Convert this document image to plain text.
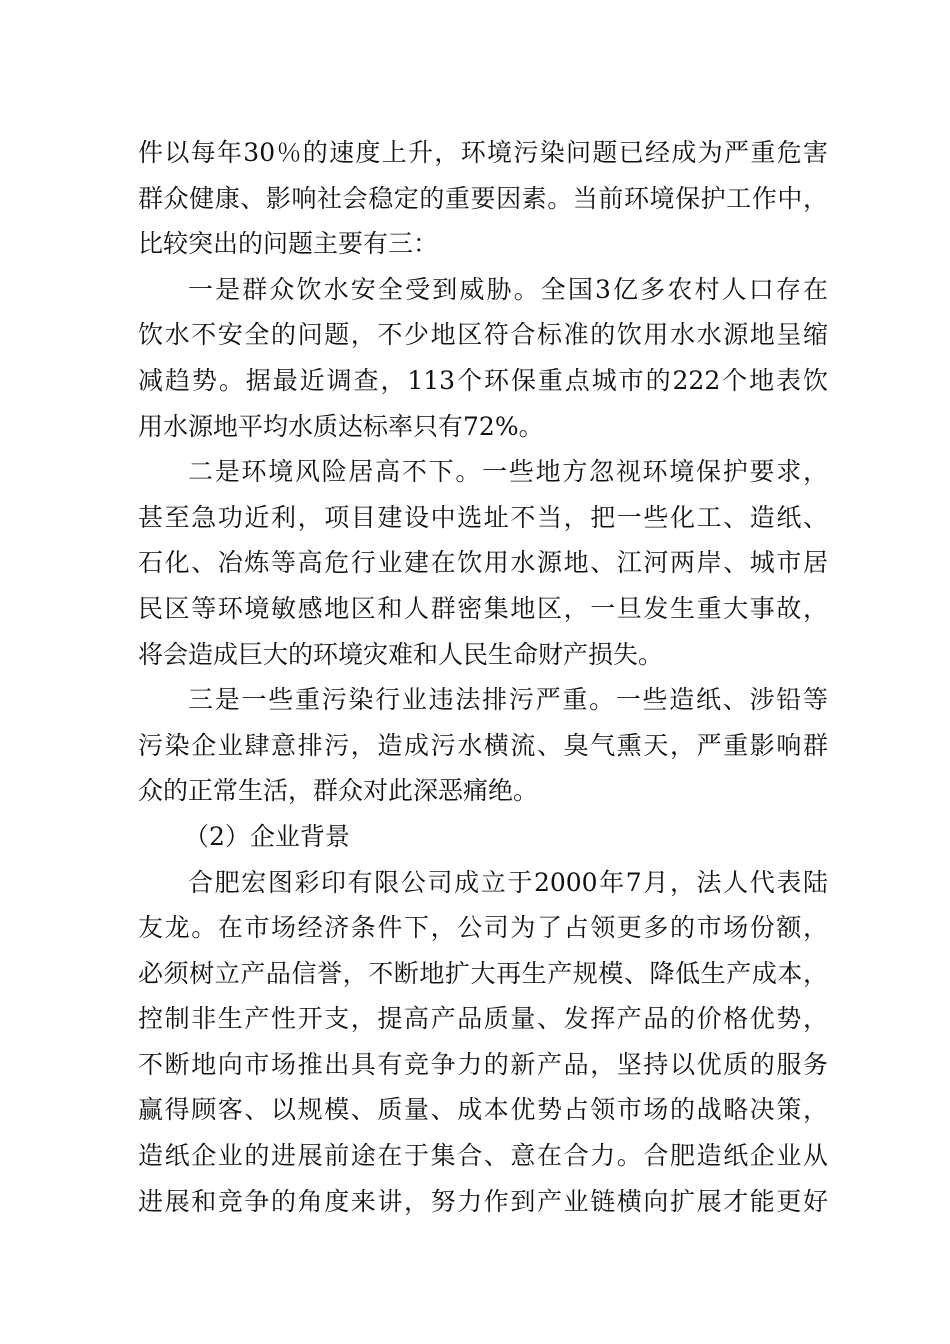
件以每年30％的速度上升，环境污染问题已经成为严重危害
群众健康、影响社会稳定的重要因素。当前环境保护工作中，
比较突出的问题主要有三：
一是群众饮水安全受到威胁。全国3亿多农村人口存在
饮水不安全的问题，不少地区符合标准的饮用水水源地呈缩
减趋势。据最近调查，113个环保重点城市的222个地表饮
用水源地平均水质达标率只有72%。
二是环境风险居高不下。一些地方忽视环境保护要求，
甚至急功近利，项目建设中选址不当，把一些化工、造纸、
石化、冶炼等高危行业建在饮用水源地、江河两岸、城市居
民区等环境敏感地区和人群密集地区，一旦发生重大事故，
将会造成巨大的环境灾难和人民生命财产损失。
三是一些重污染行业违法排污严重。一些造纸、涉铅等
污染企业肆意排污，造成污水横流、臭气熏天，严重影响群
众的正常生活，群众对此深恶痛绝。
（2）企业背景
合肥宏图彩印有限公司成立于2000年7月，法人代表陆
友龙。在市场经济条件下，公司为了占领更多的市场份额，
必须树立产品信誉，不断地扩大再生产规模、降低生产成本，
控制非生产性开支，提高产品质量、发挥产品的价格优势，
不断地向市场推出具有竞争力的新产品，坚持以优质的服务
赢得顾客、以规模、质量、成本优势占领市场的战略决策，
造纸企业的进展前途在于集合、意在合力。合肥造纸企业从
进展和竞争的角度来讲，努力作到产业链横向扩展才能更好
